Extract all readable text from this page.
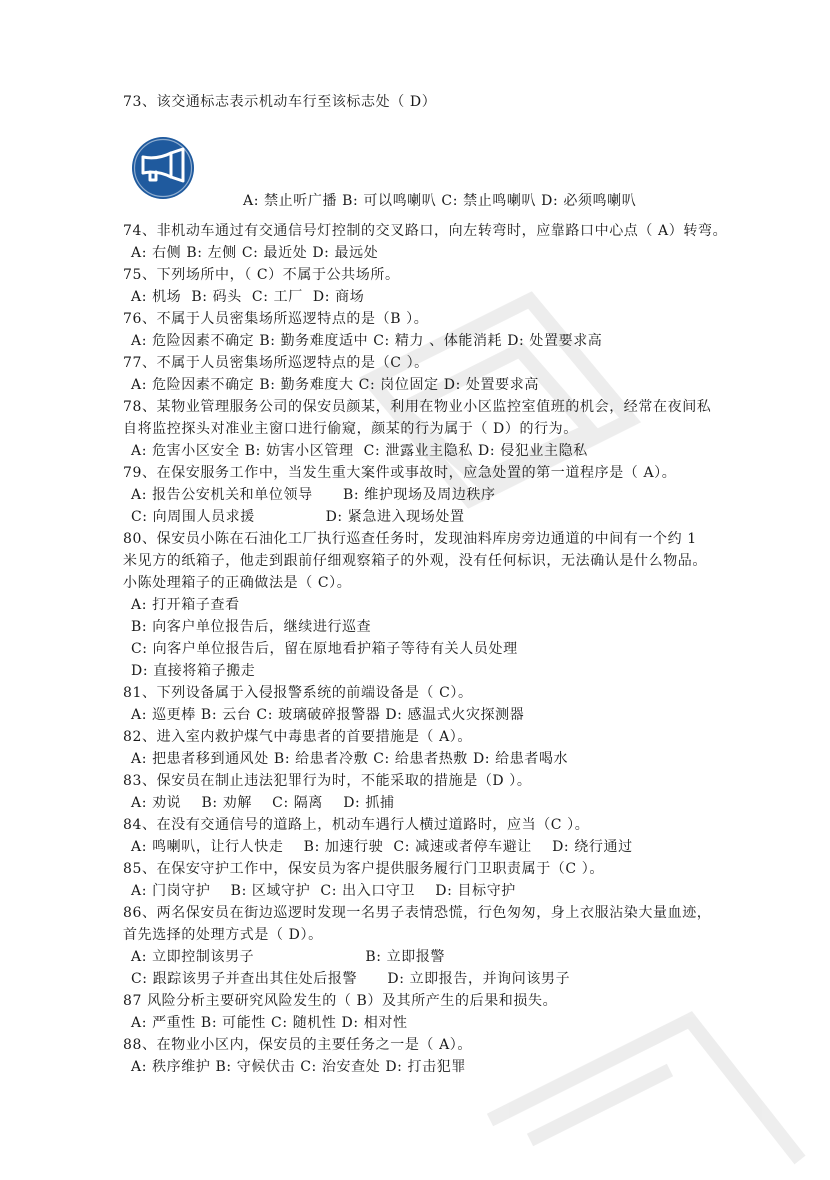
73、该交通标志表示机动车行至该标志处（ D）
A: 禁止听广播 B: 可以鸣喇叭 C: 禁止鸣喇叭 D: 必须鸣喇叭
74、非机动车通过有交通信号灯控制的交叉路口，向左转弯时，应靠路口中心点（ A）转弯。
A: 右侧 B: 左侧 C: 最近处 D: 最远处
75、下列场所中，（ C）不属于公共场所。
A: 机场  B: 码头  C: 工厂  D: 商场
76、不属于人员密集场所巡逻特点的是（B ）。
A: 危险因素不确定 B: 勤务难度适中 C: 精力 、体能消耗 D: 处置要求高
77、不属于人员密集场所巡逻特点的是（C ）。
A: 危险因素不确定 B: 勤务难度大 C: 岗位固定 D: 处置要求高
78、某物业管理服务公司的保安员颜某，利用在物业小区监控室值班的机会，经常在夜间私
自将监控探头对准业主窗口进行偷窥，颜某的行为属于（ D）的行为。
A: 危害小区安全 B: 妨害小区管理  C: 泄露业主隐私 D: 侵犯业主隐私
79、在保安服务工作中，当发生重大案件或事故时，应急处置的第一道程序是（ A）。
A: 报告公安机关和单位领导      B: 维护现场及周边秩序
C: 向周围人员求援              D: 紧急进入现场处置
80、保安员小陈在石油化工厂执行巡查任务时，发现油料库房旁边通道的中间有一个约 1
米见方的纸箱子，他走到跟前仔细观察箱子的外观，没有任何标识，无法确认是什么物品。
小陈处理箱子的正确做法是（ C）。
A: 打开箱子查看
B: 向客户单位报告后，继续进行巡查
C: 向客户单位报告后，留在原地看护箱子等待有关人员处理
D: 直接将箱子搬走
81、下列设备属于入侵报警系统的前端设备是（ C）。
A: 巡更棒 B: 云台 C: 玻璃破碎报警器 D: 感温式火灾探测器
82、进入室内救护煤气中毒患者的首要措施是（ A）。
A: 把患者移到通风处 B: 给患者冷敷 C: 给患者热敷 D: 给患者喝水
83、保安员在制止违法犯罪行为时，不能采取的措施是（D ）。
A: 劝说    B: 劝解    C: 隔离    D: 抓捕
84、在没有交通信号的道路上，机动车遇行人横过道路时，应当（C ）。
A: 鸣喇叭，让行人快走    B: 加速行驶  C: 减速或者停车避让    D: 绕行通过
85、在保安守护工作中，保安员为客户提供服务履行门卫职责属于（C ）。
A: 门岗守护    B: 区域守护  C: 出入口守卫    D: 目标守护
86、两名保安员在街边巡逻时发现一名男子表情恐慌，行色匆匆，身上衣服沾染大量血迹，
首先选择的处理方式是（ D）。
A: 立即控制该男子                      B: 立即报警
C: 跟踪该男子并查出其住处后报警      D: 立即报告，并询问该男子
87 风险分析主要研究风险发生的（ B）及其所产生的后果和损失。
A: 严重性 B: 可能性 C: 随机性 D: 相对性
88、在物业小区内，保安员的主要任务之一是（ A）。
A: 秩序维护 B: 守候伏击 C: 治安查处 D: 打击犯罪
